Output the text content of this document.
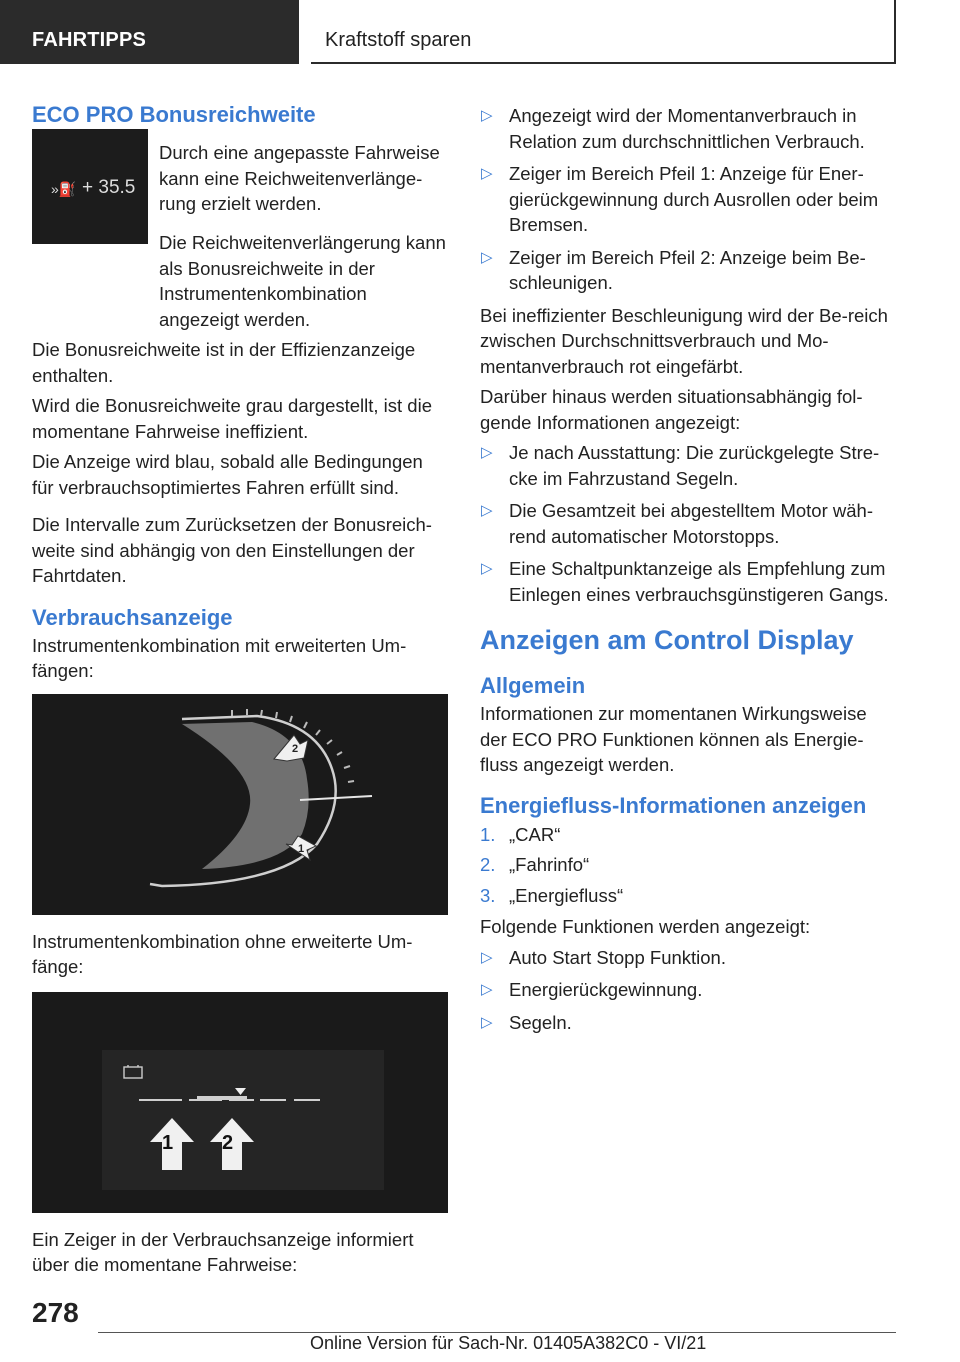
FAHRTIPPS	Kraftstoff sparen
ECO PRO Bonusreichweite
»⛽ + 35.5

Durch eine angepasste Fahrweise kann eine Reichweitenverlänge-rung erzielt werden.

Die Reichweitenverlängerung kann als Bonusreichweite in der Instrumentenkombination angezeigt werden.

Die Bonusreichweite ist in der Effizienzanzeige enthalten.

Wird die Bonusreichweite grau dargestellt, ist die momentane Fahrweise ineffizient.

Die Anzeige wird blau, sobald alle Bedingungen für verbrauchsoptimiertes Fahren erfüllt sind.

Die Intervalle zum Zurücksetzen der Bonusreich-weite sind abhängig von den Einstellungen der Fahrtdaten.

Verbrauchsanzeige

Instrumentenkombination mit erweiterten Um-fängen:

2
1

Instrumentenkombination ohne erweiterte Um-fänge:

1 2

Ein Zeiger in der Verbrauchsanzeige informiert über die momentane Fahrweise:

▷ Angezeigt wird der Momentanverbrauch in Relation zum durchschnittlichen Verbrauch.
▷ Zeiger im Bereich Pfeil 1: Anzeige für Ener-gierückgewinnung durch Ausrollen oder beim Bremsen.
▷ Zeiger im Bereich Pfeil 2: Anzeige beim Be-schleunigen.

Bei ineffizienter Beschleunigung wird der Be-reich zwischen Durchschnittsverbrauch und Mo-mentanverbrauch rot eingefärbt.

Darüber hinaus werden situationsabhängig fol-gende Informationen angezeigt:

▷ Je nach Ausstattung: Die zurückgelegte Stre-cke im Fahrzustand Segeln.
▷ Die Gesamtzeit bei abgestelltem Motor wäh-rend automatischer Motorstopps.
▷ Eine Schaltpunktanzeige als Empfehlung zum Einlegen eines verbrauchsgünstigeren Gangs.
Anzeigen am Control Display
Allgemein

Informationen zur momentanen Wirkungsweise der ECO PRO Funktionen können als Energie-fluss angezeigt werden.

Energiefluss-Informationen anzeigen
1. „CAR“
2. „Fahrinfo“
3. „Energiefluss“

Folgende Funktionen werden angezeigt:

▷ Auto Start Stopp Funktion.
▷ Energierückgewinnung.
▷ Segeln.
278
Online Version für Sach-Nr. 01405A382C0 - VI/21
